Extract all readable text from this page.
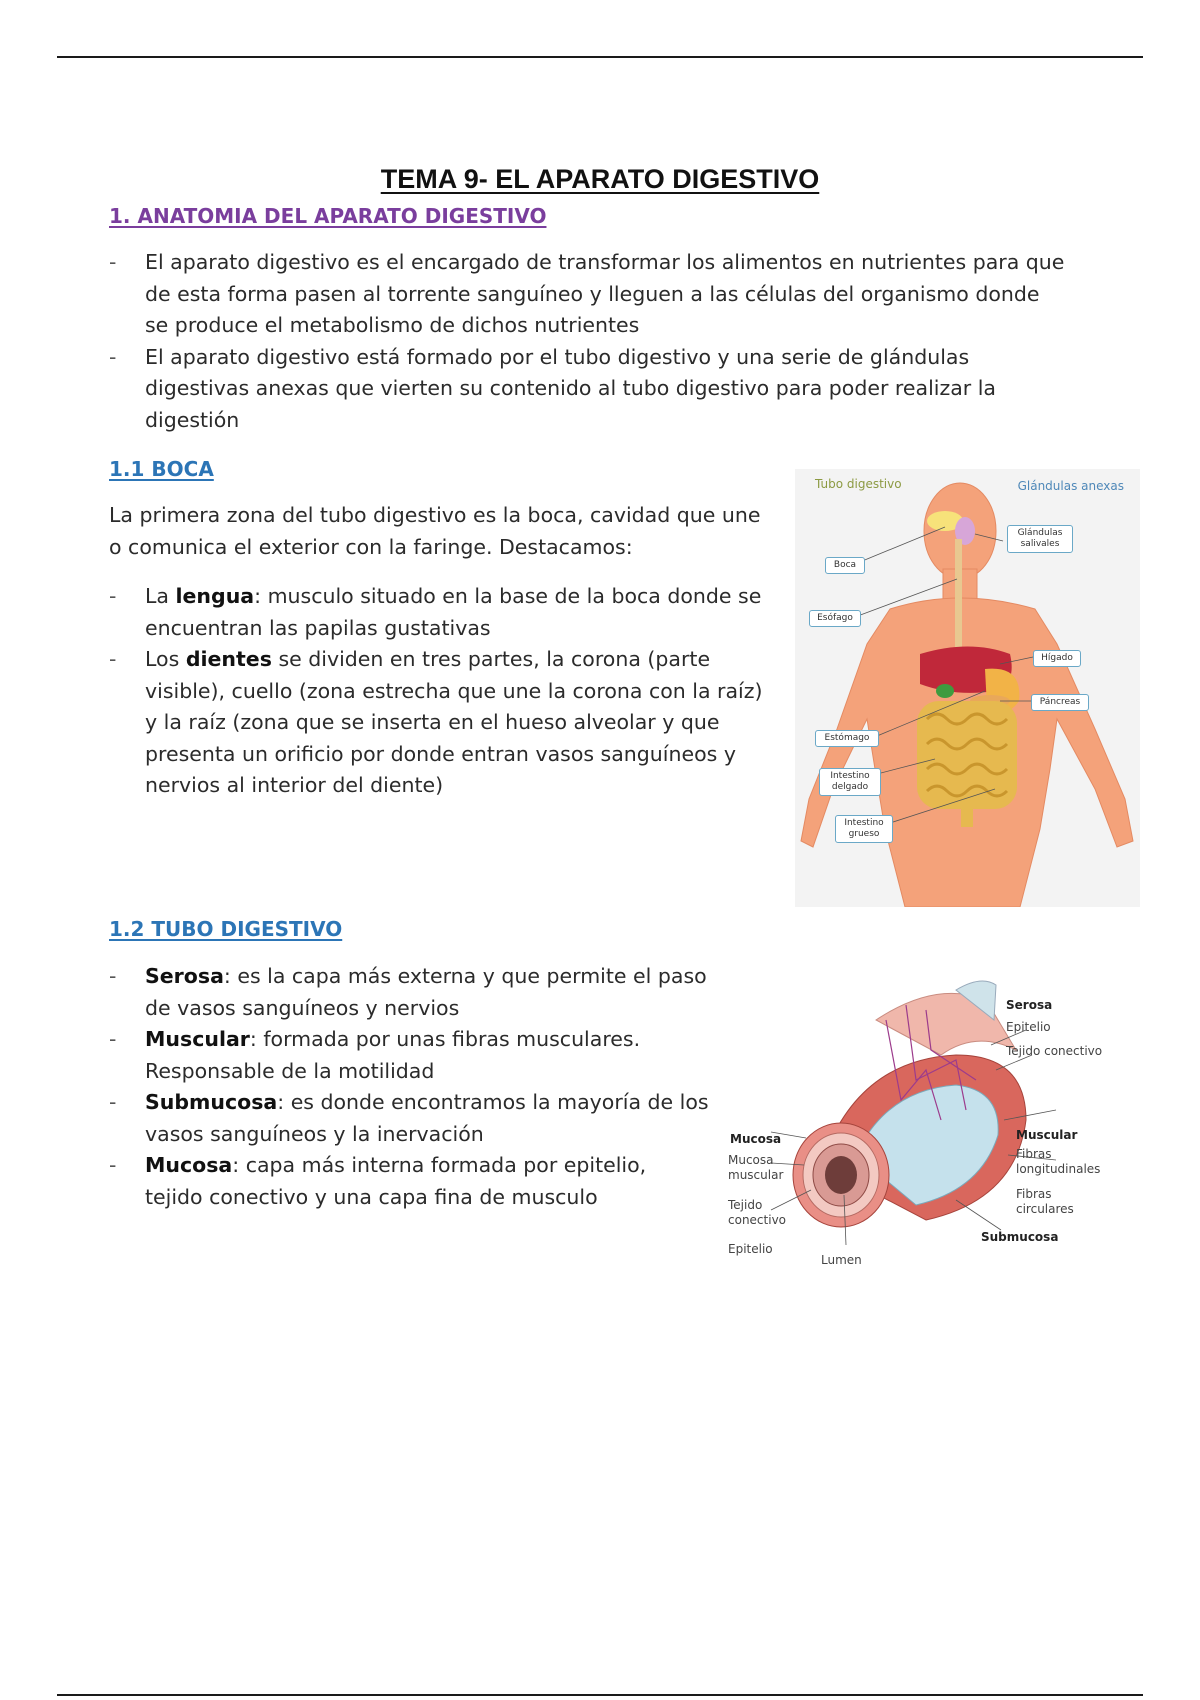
TEMA 9- EL APARATO DIGESTIVO
1. ANATOMIA DEL APARATO DIGESTIVO
- El aparato digestivo es el encargado de transformar los alimentos en nutrientes para que de esta forma pasen al torrente sanguíneo y lleguen a las células del organismo donde se produce el metabolismo de dichos nutrientes
- El aparato digestivo está formado por el tubo digestivo y una serie de glándulas digestivas anexas que vierten su contenido al tubo digestivo para poder realizar la digestión
1.1 BOCA

La primera zona del tubo digestivo es la boca, cavidad que une o comunica el exterior con la faringe. Destacamos:

- La lengua: musculo situado en la base de la boca donde se encuentran las papilas gustativas
- Los dientes se dividen en tres partes, la corona (parte visible), cuello (zona estrecha que une la corona con la raíz) y la raíz (zona que se inserta en el hueso alveolar y que presenta un orificio por donde entran vasos sanguíneos y nervios al interior del diente)
Tubo digestivo	Glándulas anexas
Glándulas salivales
Boca
Esófago
Hígado
Páncreas
Estómago
Intestino delgado
Intestino grueso
1.2 TUBO DIGESTIVO
- Serosa: es la capa más externa y que permite el paso de vasos sanguíneos y nervios
- Muscular: formada por unas fibras musculares. Responsable de la motilidad
- Submucosa: es donde encontramos la mayoría de los vasos sanguíneos y la inervación
- Mucosa: capa más interna formada por epitelio, tejido conectivo y una capa fina de musculo
Serosa
Epitelio
Tejido conectivo
Muscular
Fibras longitudinales
Fibras circulares
Submucosa
Mucosa
Mucosa muscular
Tejido conectivo
Epitelio
Lumen
